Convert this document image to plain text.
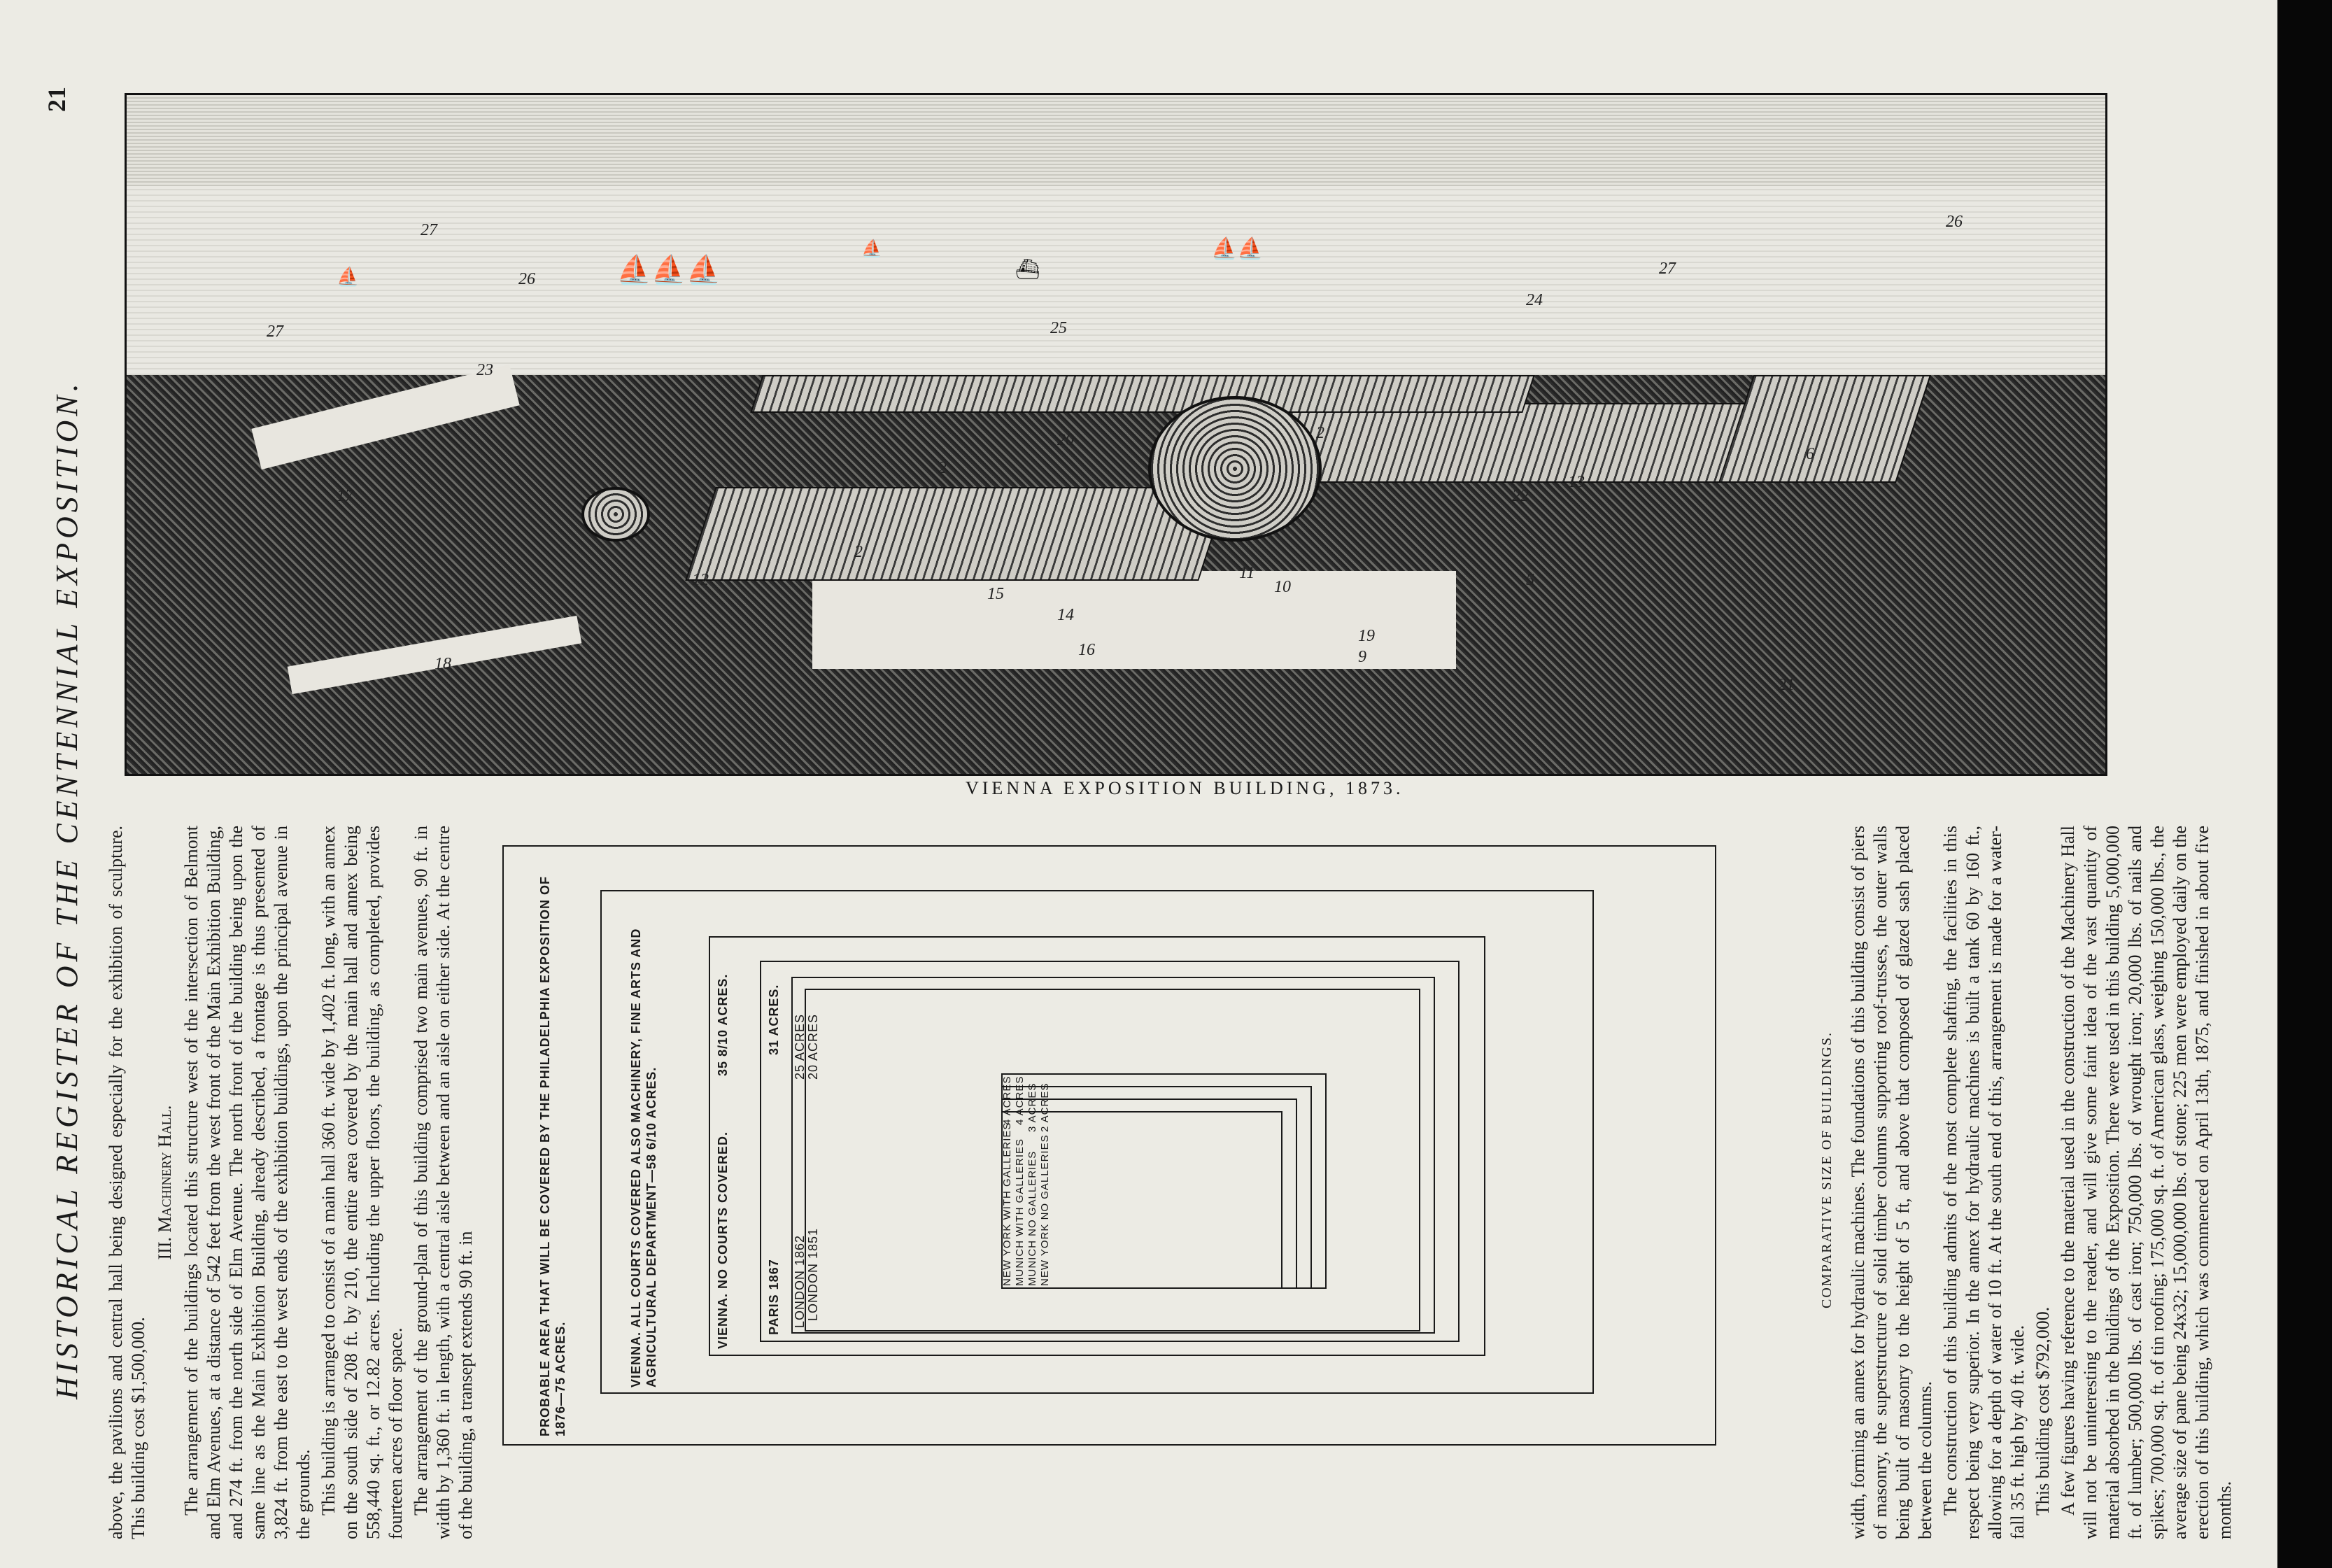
HISTORICAL REGISTER OF THE CENTENNIAL EXPOSITION.
21
⛵⛵⛵
⛵
⛵⛵
⛵
⛴
27
26
27
23
25
24
27
26
2
2
2
11
12
13
14
15
16
17
18
19
20
21
22
5
6
9
10
VIENNA EXPOSITION BUILDING, 1873.

above, the pavilions and central hall being designed especially for the exhibition of sculpture. This building cost $1,500,000.

III. Machinery Hall. The arrangement of the buildings located this structure west of the intersection of Belmont and Elm Avenues, at a distance of 542 feet from the west front of the Main Exhibition Building, and 274 ft. from the north side of Elm Avenue. The north front of the building being upon the same line as the Main Exhibition Building, already described, a frontage is thus presented of 3,824 ft. from the east to the west ends of the exhibition buildings, upon the principal avenue in the grounds. This building is arranged to consist of a main hall 360 ft. wide by 1,402 ft. long, with an annex on the south side of 208 ft. by 210, the entire area covered by the main hall and annex being 558,440 sq. ft., or 12.82 acres. Including the upper floors, the building, as completed, provides fourteen acres of floor space. The arrangement of the ground-plan of this building comprised two main avenues, 90 ft. in width by 1,360 ft. in length, with a central aisle between and an aisle on either side. At the centre of the building, a transept extends 90 ft. in	width, forming an annex for hydraulic machines. The foundations of this building consist of piers of masonry, the superstructure of solid timber columns supporting roof-trusses, the outer walls being built of masonry to the height of 5 ft, and above that composed of glazed sash placed between the columns. The construction of this building admits of the most complete shafting, the facilities in this respect being very superior. In the annex for hydraulic machines is built a tank 60 by 160 ft., allowing for a depth of water of 10 ft. At the south end of this, arrangement is made for a water-fall 35 ft. high by 40 ft. wide. This building cost $792,000. A few figures having reference to the material used in the construction of the Machinery Hall will not be uninteresting to the reader, and will give some faint idea of the vast quantity of material absorbed in the buildings of the Exposition. There were used in this building 5,000,000 ft. of lumber; 500,000 lbs. of cast iron; 750,000 lbs. of wrought iron; 20,000 lbs. of nails and spikes; 700,000 sq. ft. of tin roofing; 175,000 sq. ft. of American glass, weighing 150,000 lbs., the average size of pane being 24x32; 15,000,000 lbs. of stone; 225 men were employed daily on the erection of this building, which was commenced on April 13th, 1875, and finished in about five months.

PROBABLE AREA THAT WILL BE COVERED BY THE PHILADELPHIA EXPOSITION OF 1876—75 ACRES.	VIENNA. ALL COURTS COVERED ALSO MACHINERY, FINE ARTS AND AGRICULTURAL DEPARTMENT—58 6/10 ACRES.	VIENNA. NO COURTS COVERED.
35 8/10 ACRES.
PARIS 1867
31 ACRES.
LONDON 1862
25 ACRES
LONDON 1851
20 ACRES
NEW YORK WITH GALLERIES
4 ACRES
MUNICH WITH GALLERIES
4 ACRES
MUNICH NO GALLERIES
3 ACRES
NEW YORK NO GALLERIES
2 ACRES	COMPARATIVE SIZE OF BUILDINGS.
